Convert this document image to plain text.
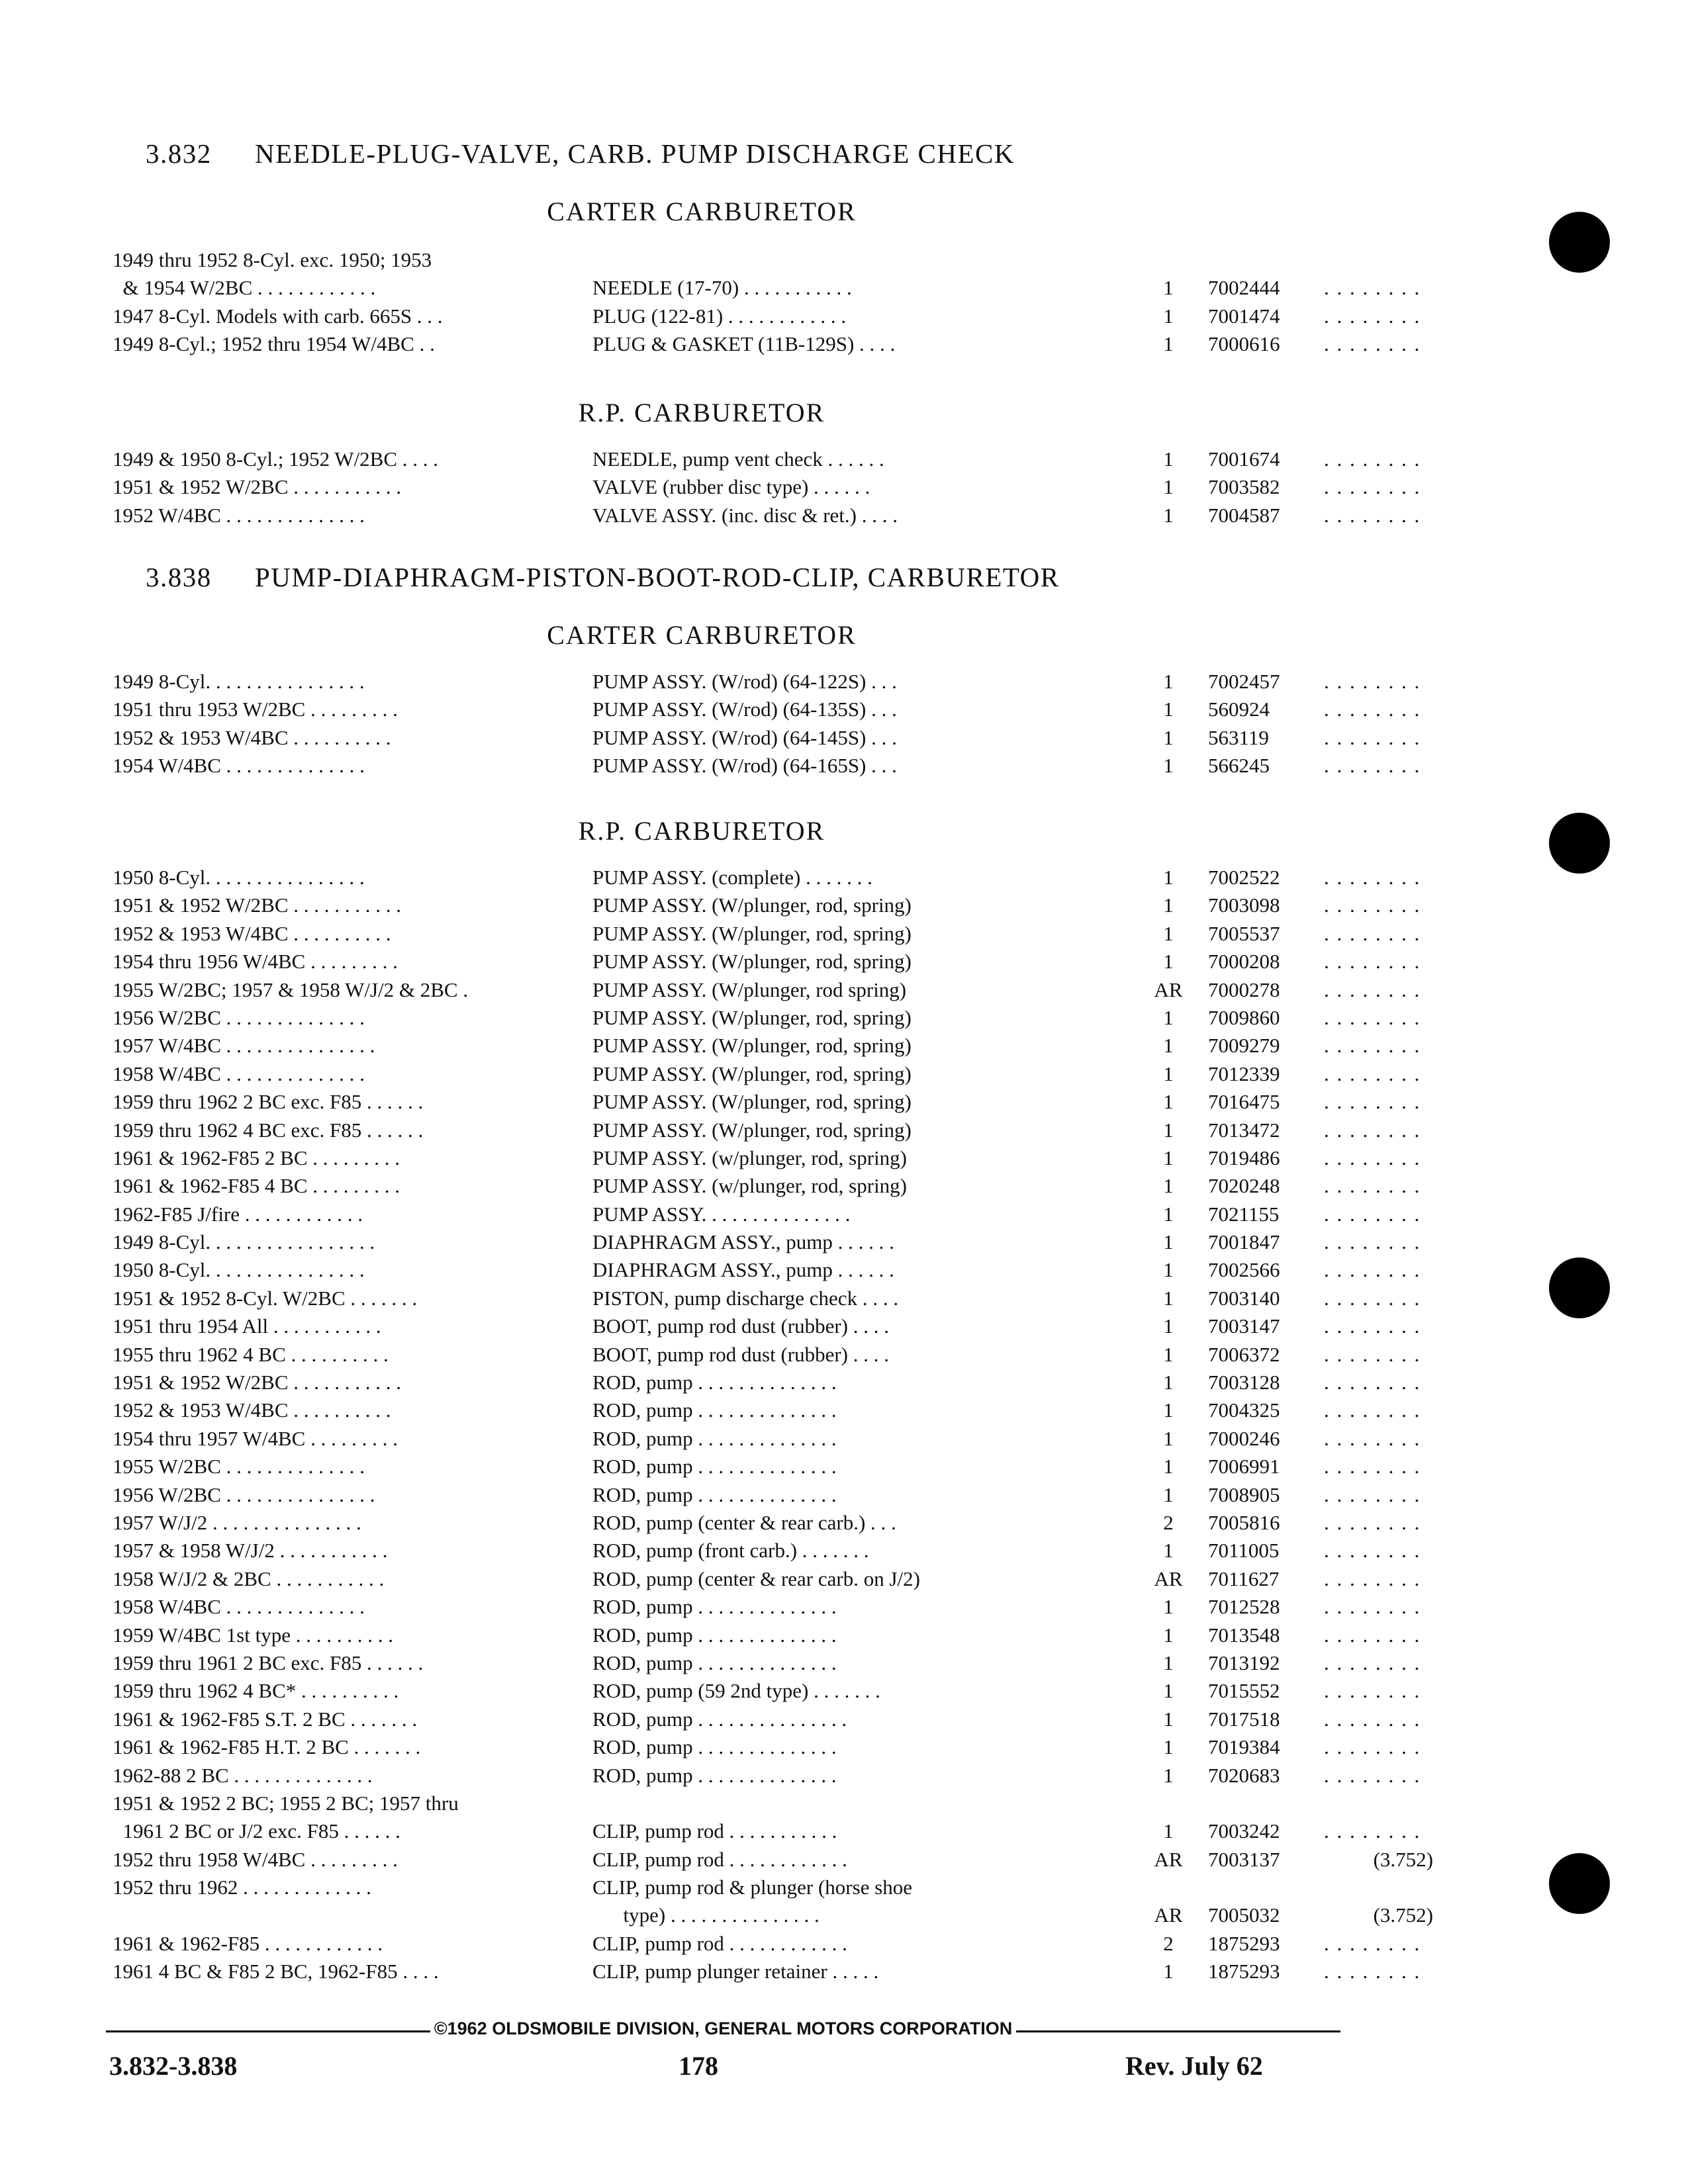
3.832 NEEDLE-PLUG-VALVE, CARB. PUMP DISCHARGE CHECK
CARTER CARBURETOR
1949 thru 1952 8-Cyl. exc. 1950; 1953
& 1954 W/2BC . . . . . . . . . . . .	NEEDLE (17-70) . . . . . . . . . . .	1	7002444	. . . . . . . .
1947 8-Cyl. Models with carb. 665S . . .	PLUG (122-81) . . . . . . . . . . . .	1	7001474	. . . . . . . .
1949 8-Cyl.; 1952 thru 1954 W/4BC . .	PLUG & GASKET (11B-129S) . . . .	1	7000616	. . . . . . . .
R.P. CARBURETOR
1949 & 1950 8-Cyl.; 1952 W/2BC . . . .	NEEDLE, pump vent check . . . . . .	1	7001674	. . . . . . . .
1951 & 1952 W/2BC . . . . . . . . . . .	VALVE (rubber disc type) . . . . . .	1	7003582	. . . . . . . .
1952 W/4BC . . . . . . . . . . . . . .	VALVE ASSY. (inc. disc & ret.) . . . .	1	7004587	. . . . . . . .
3.838 PUMP-DIAPHRAGM-PISTON-BOOT-ROD-CLIP, CARBURETOR
CARTER CARBURETOR
1949 8-Cyl. . . . . . . . . . . . . . . .	PUMP ASSY. (W/rod) (64-122S) . . .	1	7002457	. . . . . . . .
1951 thru 1953 W/2BC . . . . . . . . .	PUMP ASSY. (W/rod) (64-135S) . . .	1	560924	. . . . . . . .
1952 & 1953 W/4BC . . . . . . . . . .	PUMP ASSY. (W/rod) (64-145S) . . .	1	563119	. . . . . . . .
1954 W/4BC . . . . . . . . . . . . . .	PUMP ASSY. (W/rod) (64-165S) . . .	1	566245	. . . . . . . .
R.P. CARBURETOR
1950 8-Cyl. . . . . . . . . . . . . . . .	PUMP ASSY. (complete) . . . . . . .	1	7002522	. . . . . . . .
1951 & 1952 W/2BC . . . . . . . . . . .	PUMP ASSY. (W/plunger, rod, spring)	1	7003098	. . . . . . . .
1952 & 1953 W/4BC . . . . . . . . . .	PUMP ASSY. (W/plunger, rod, spring)	1	7005537	. . . . . . . .
1954 thru 1956 W/4BC . . . . . . . . .	PUMP ASSY. (W/plunger, rod, spring)	1	7000208	. . . . . . . .
1955 W/2BC; 1957 & 1958 W/J/2 & 2BC .	PUMP ASSY. (W/plunger, rod spring)	AR	7000278	. . . . . . . .
1956 W/2BC . . . . . . . . . . . . . .	PUMP ASSY. (W/plunger, rod, spring)	1	7009860	. . . . . . . .
1957 W/4BC . . . . . . . . . . . . . . .	PUMP ASSY. (W/plunger, rod, spring)	1	7009279	. . . . . . . .
1958 W/4BC . . . . . . . . . . . . . .	PUMP ASSY. (W/plunger, rod, spring)	1	7012339	. . . . . . . .
1959 thru 1962 2 BC exc. F85 . . . . . .	PUMP ASSY. (W/plunger, rod, spring)	1	7016475	. . . . . . . .
1959 thru 1962 4 BC exc. F85 . . . . . .	PUMP ASSY. (W/plunger, rod, spring)	1	7013472	. . . . . . . .
1961 & 1962-F85 2 BC . . . . . . . . .	PUMP ASSY. (w/plunger, rod, spring)	1	7019486	. . . . . . . .
1961 & 1962-F85 4 BC . . . . . . . . .	PUMP ASSY. (w/plunger, rod, spring)	1	7020248	. . . . . . . .
1962-F85 J/fire . . . . . . . . . . . .	PUMP ASSY. . . . . . . . . . . . . . .	1	7021155	. . . . . . . .
1949 8-Cyl. . . . . . . . . . . . . . . . .	DIAPHRAGM ASSY., pump . . . . . .	1	7001847	. . . . . . . .
1950 8-Cyl. . . . . . . . . . . . . . . .	DIAPHRAGM ASSY., pump . . . . . .	1	7002566	. . . . . . . .
1951 & 1952 8-Cyl. W/2BC . . . . . . .	PISTON, pump discharge check . . . .	1	7003140	. . . . . . . .
1951 thru 1954 All . . . . . . . . . . .	BOOT, pump rod dust (rubber) . . . .	1	7003147	. . . . . . . .
1955 thru 1962 4 BC . . . . . . . . . .	BOOT, pump rod dust (rubber) . . . .	1	7006372	. . . . . . . .
1951 & 1952 W/2BC . . . . . . . . . . .	ROD, pump . . . . . . . . . . . . . .	1	7003128	. . . . . . . .
1952 & 1953 W/4BC . . . . . . . . . .	ROD, pump . . . . . . . . . . . . . .	1	7004325	. . . . . . . .
1954 thru 1957 W/4BC . . . . . . . . .	ROD, pump . . . . . . . . . . . . . .	1	7000246	. . . . . . . .
1955 W/2BC . . . . . . . . . . . . . .	ROD, pump . . . . . . . . . . . . . .	1	7006991	. . . . . . . .
1956 W/2BC . . . . . . . . . . . . . . .	ROD, pump . . . . . . . . . . . . . .	1	7008905	. . . . . . . .
1957 W/J/2 . . . . . . . . . . . . . . .	ROD, pump (center & rear carb.) . . .	2	7005816	. . . . . . . .
1957 & 1958 W/J/2 . . . . . . . . . . .	ROD, pump (front carb.) . . . . . . .	1	7011005	. . . . . . . .
1958 W/J/2 & 2BC . . . . . . . . . . .	ROD, pump (center & rear carb. on J/2)	AR	7011627	. . . . . . . .
1958 W/4BC . . . . . . . . . . . . . .	ROD, pump . . . . . . . . . . . . . .	1	7012528	. . . . . . . .
1959 W/4BC 1st type . . . . . . . . . .	ROD, pump . . . . . . . . . . . . . .	1	7013548	. . . . . . . .
1959 thru 1961 2 BC exc. F85 . . . . . .	ROD, pump . . . . . . . . . . . . . .	1	7013192	. . . . . . . .
1959 thru 1962 4 BC* . . . . . . . . . .	ROD, pump (59 2nd type) . . . . . . .	1	7015552	. . . . . . . .
1961 & 1962-F85 S.T. 2 BC . . . . . . .	ROD, pump . . . . . . . . . . . . . . .	1	7017518	. . . . . . . .
1961 & 1962-F85 H.T. 2 BC . . . . . . .	ROD, pump . . . . . . . . . . . . . .	1	7019384	. . . . . . . .
1962-88 2 BC . . . . . . . . . . . . . .	ROD, pump . . . . . . . . . . . . . .	1	7020683	. . . . . . . .
1951 & 1952 2 BC; 1955 2 BC; 1957 thru
1961 2 BC or J/2 exc. F85 . . . . . .	CLIP, pump rod . . . . . . . . . . .	1	7003242	. . . . . . . .
1952 thru 1958 W/4BC . . . . . . . . .	CLIP, pump rod . . . . . . . . . . . .	AR	7003137	(3.752)
1952 thru 1962 . . . . . . . . . . . . .	CLIP, pump rod & plunger (horse shoe
type) . . . . . . . . . . . . . . .	AR	7005032	(3.752)
1961 & 1962-F85 . . . . . . . . . . . .	CLIP, pump rod . . . . . . . . . . . .	2	1875293	. . . . . . . .
1961 4 BC & F85 2 BC, 1962-F85 . . . .	CLIP, pump plunger retainer . . . . .	1	1875293	. . . . . . . .
©1962 OLDSMOBILE DIVISION, GENERAL MOTORS CORPORATION
3.832-3.838	178	Rev. July 62
